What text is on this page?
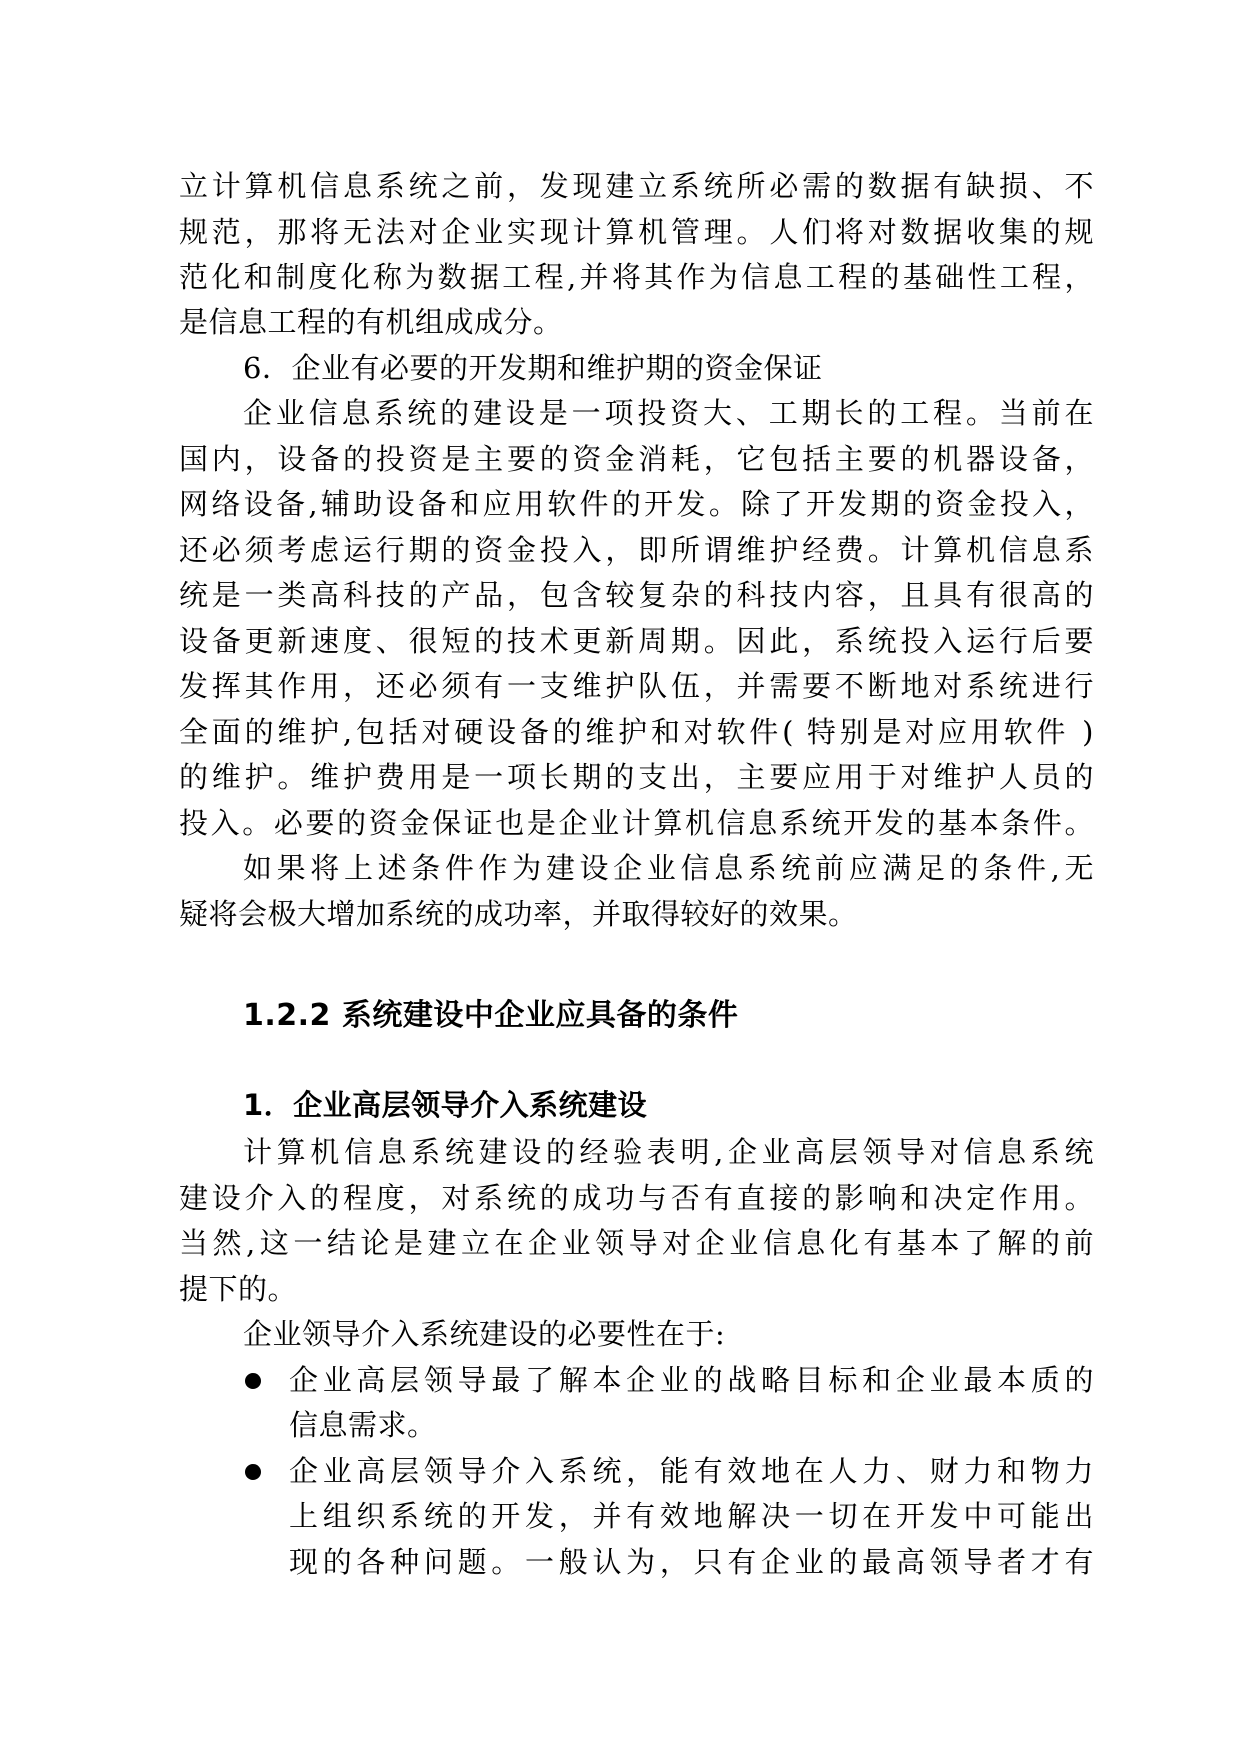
立计算机信息系统之前，发现建立系统所必需的数据有缺损、不
规范，那将无法对企业实现计算机管理。人们将对数据收集的规
范化和制度化称为数据工程,并将其作为信息工程的基础性工程，
是信息工程的有机组成成分。
6．企业有必要的开发期和维护期的资金保证
企业信息系统的建设是一项投资大、工期长的工程。当前在
国内，设备的投资是主要的资金消耗，它包括主要的机器设备，
网络设备,辅助设备和应用软件的开发。除了开发期的资金投入，
还必须考虑运行期的资金投入，即所谓维护经费。计算机信息系
统是一类高科技的产品，包含较复杂的科技内容，且具有很高的
设备更新速度、很短的技术更新周期。因此，系统投入运行后要
发挥其作用，还必须有一支维护队伍，并需要不断地对系统进行
全面的维护,包括对硬设备的维护和对软件( 特别是对应用软件 )
的维护。维护费用是一项长期的支出，主要应用于对维护人员的
投入。必要的资金保证也是企业计算机信息系统开发的基本条件。
如果将上述条件作为建设企业信息系统前应满足的条件,无
疑将会极大增加系统的成功率，并取得较好的效果。
1.2.2 系统建设中企业应具备的条件
1．企业高层领导介入系统建设
计算机信息系统建设的经验表明,企业高层领导对信息系统
建设介入的程度，对系统的成功与否有直接的影响和决定作用。
当然,这一结论是建立在企业领导对企业信息化有基本了解的前
提下的。
企业领导介入系统建设的必要性在于:
企业高层领导最了解本企业的战略目标和企业最本质的
信息需求。
企业高层领导介入系统，能有效地在人力、财力和物力
上组织系统的开发，并有效地解决一切在开发中可能出
现的各种问题。一般认为，只有企业的最高领导者才有
